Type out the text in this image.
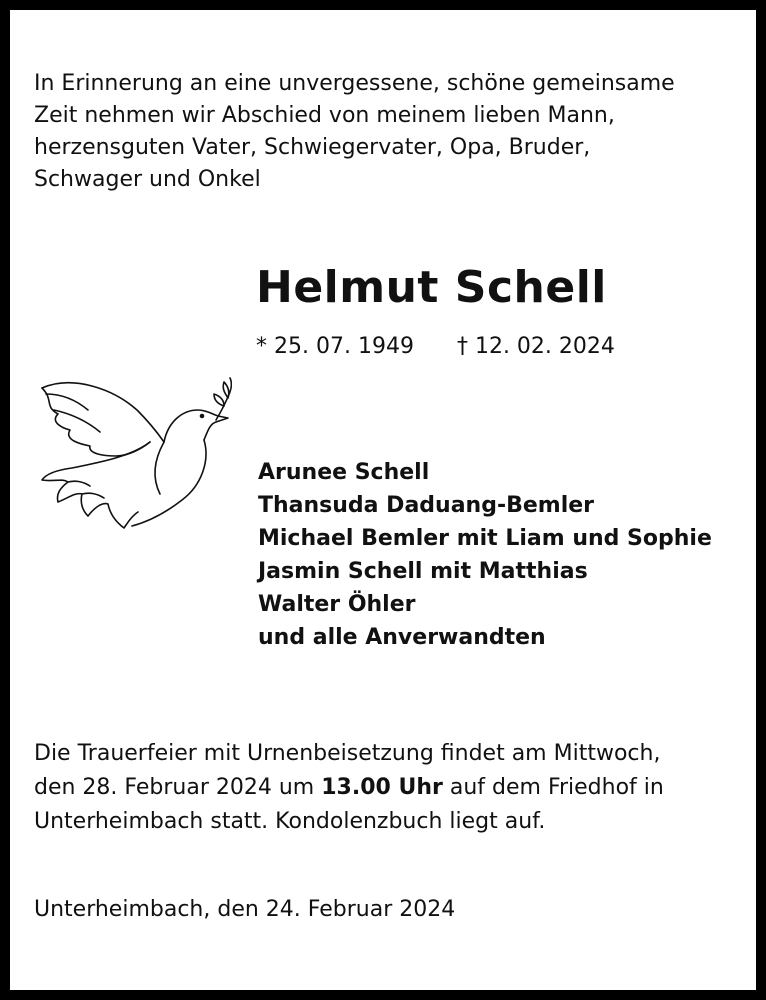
In Erinnerung an eine unvergessene, schöne gemeinsame
Zeit nehmen wir Abschied von meinem lieben Mann,
herzensguten Vater, Schwiegervater, Opa, Bruder,
Schwager und Onkel

Helmut Schell
* 25. 07. 1949 † 12. 02. 2024
Arunee Schell
Thansuda Daduang-Bemler
Michael Bemler mit Liam und Sophie
Jasmin Schell mit Matthias
Walter Öhler
und alle Anverwandten

Die Trauerfeier mit Urnenbeisetzung findet am Mittwoch,
den 28. Februar 2024 um 13.00 Uhr auf dem Friedhof in
Unterheimbach statt. Kondolenzbuch liegt auf.

Unterheimbach, den 24. Februar 2024
